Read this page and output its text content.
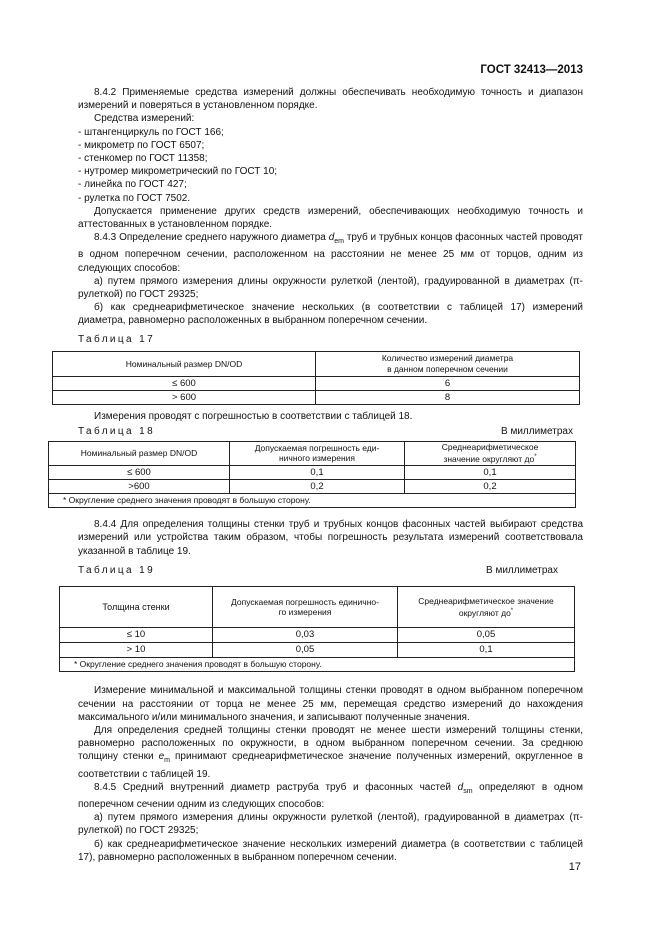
ГОСТ 32413—2013

8.4.2 Применяемые средства измерений должны обеспечивать необходимую точность и диапазон измерений и поверяться в установленном порядке.

Средства измерений:

- штангенциркуль по ГОСТ 166;

- микрометр по ГОСТ 6507;

- стенкомер по ГОСТ 11358;

- нутромер микрометрический по ГОСТ 10;

- линейка по ГОСТ 427;

- рулетка по ГОСТ 7502.

Допускается применение других средств измерений, обеспечивающих необходимую точность и аттестованных в установленном порядке.

8.4.3 Определение среднего наружного диаметра $d_{em}$ труб и трубных концов фасонных частей проводят в одном поперечном сечении, расположенном на расстоянии не менее 25 мм от торцов, одним из следующих способов:

а) путем прямого измерения длины окружности рулеткой (лентой), градуированной в диаметрах (π-рулеткой) по ГОСТ 29325;

б) как среднеарифметическое значение нескольких (в соответствии с таблицей 17) измерений диаметра, равномерно расположенных в выбранном поперечном сечении.

Таблица 17
Номинальный размер DN/OD	Количество измерений диаметра
в данном поперечном сечении
≤ 600	6
> 600	8

Измерения проводят с погрешностью в соответствии с таблицей 18.

Таблица 18	В миллиметрах
Номинальный размер DN/OD	Допускаемая погрешность еди-
ничного измерения	Среднеарифметическое
значение округляют до*
≤ 600	0,1	0,1
>600	0,2	0,2
* Округление среднего значения проводят в большую сторону.		

8.4.4 Для определения толщины стенки труб и трубных концов фасонных частей выбирают средства измерений или устройства таким образом, чтобы погрешность результата измерений соответствовала указанной в таблице 19.

Таблица 19	В миллиметрах
Толщина стенки	Допускаемая погрешность единично-
го измерения	Среднеарифметическое значение
округляют до*
≤ 10	0,03	0,05
> 10	0,05	0,1
* Округление среднего значения проводят в большую сторону.		

Измерение минимальной и максимальной толщины стенки проводят в одном выбранном поперечном сечении на расстоянии от торца не менее 25 мм, перемещая средство измерений до нахождения максимального и/или минимального значения, и записывают полученные значения.

Для определения средней толщины стенки проводят не менее шести измерений толщины стенки, равномерно расположенных по окружности, в одном выбранном поперечном сечении. За среднюю толщину стенки $e_m$ принимают среднеарифметическое значение полученных измерений, округленное в соответствии с таблицей 19.

8.4.5 Средний внутренний диаметр раструба труб и фасонных частей $d_{sm}$ определяют в одном поперечном сечении одним из следующих способов:

а) путем прямого измерения длины окружности рулеткой (лентой), градуированной в диаметрах (π-рулеткой) по ГОСТ 29325;

б) как среднеарифметическое значение нескольких измерений диаметра (в соответствии с таблицей 17), равномерно расположенных в выбранном поперечном сечении.

17
